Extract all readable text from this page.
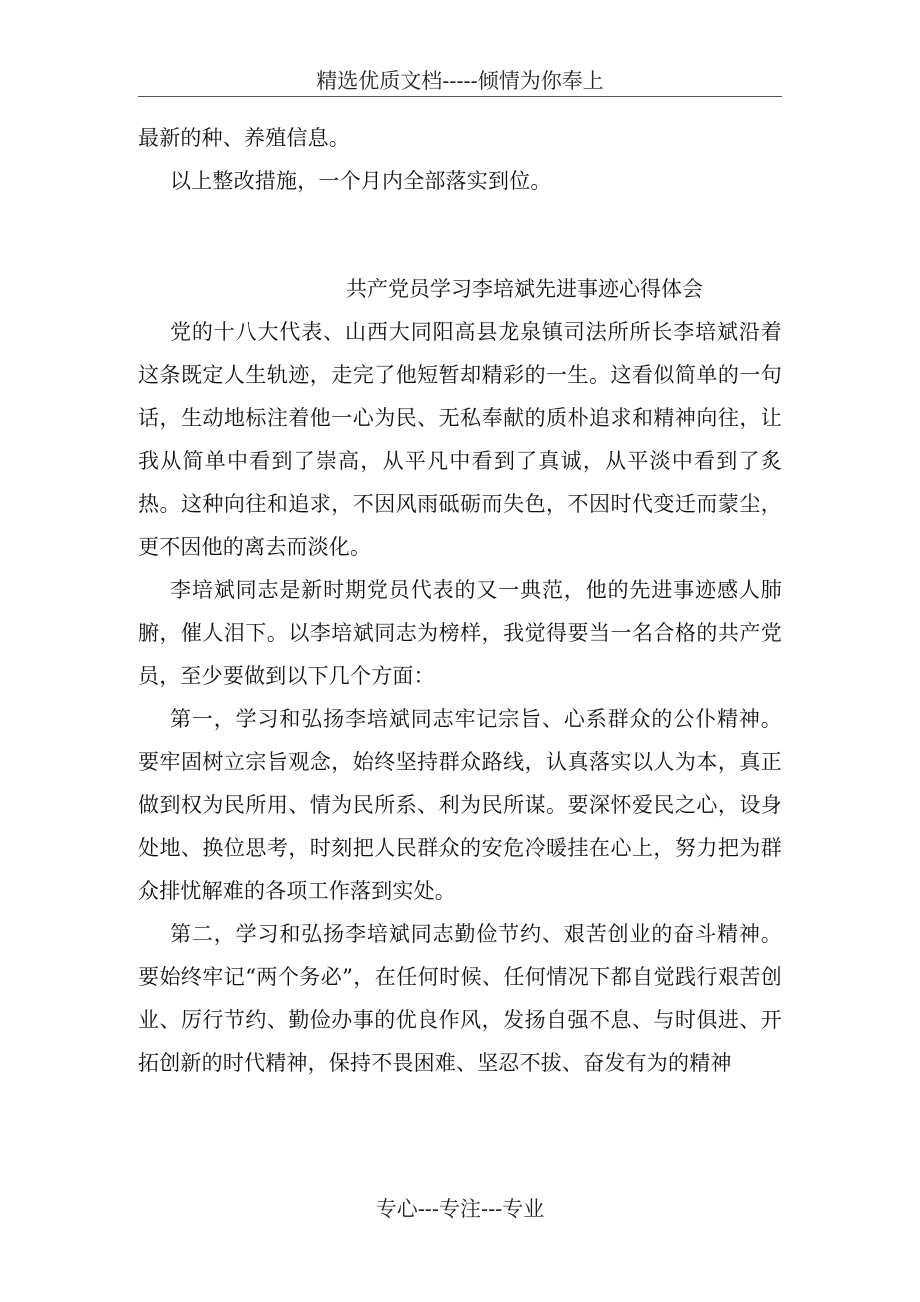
精选优质文档-----倾情为你奉上

最新的种、养殖信息。

以上整改措施，一个月内全部落实到位。

共产党员学习李培斌先进事迹心得体会

党的十八大代表、山西大同阳高县龙泉镇司法所所长李培斌沿着这条既定人生轨迹，走完了他短暂却精彩的一生。这看似简单的一句话，生动地标注着他一心为民、无私奉献的质朴追求和精神向往，让我从简单中看到了崇高，从平凡中看到了真诚，从平淡中看到了炙热。这种向往和追求，不因风雨砥砺而失色，不因时代变迁而蒙尘，更不因他的离去而淡化。

李培斌同志是新时期党员代表的又一典范，他的先进事迹感人肺腑，催人泪下。以李培斌同志为榜样，我觉得要当一名合格的共产党员，至少要做到以下几个方面：

第一，学习和弘扬李培斌同志牢记宗旨、心系群众的公仆精神。要牢固树立宗旨观念，始终坚持群众路线，认真落实以人为本，真正做到权为民所用、情为民所系、利为民所谋。要深怀爱民之心，设身处地、换位思考，时刻把人民群众的安危冷暖挂在心上，努力把为群众排忧解难的各项工作落到实处。

第二，学习和弘扬李培斌同志勤俭节约、艰苦创业的奋斗精神。要始终牢记“两个务必”，在任何时候、任何情况下都自觉践行艰苦创业、厉行节约、勤俭办事的优良作风，发扬自强不息、与时俱进、开拓创新的时代精神，保持不畏困难、坚忍不拔、奋发有为的精神

专心---专注---专业
